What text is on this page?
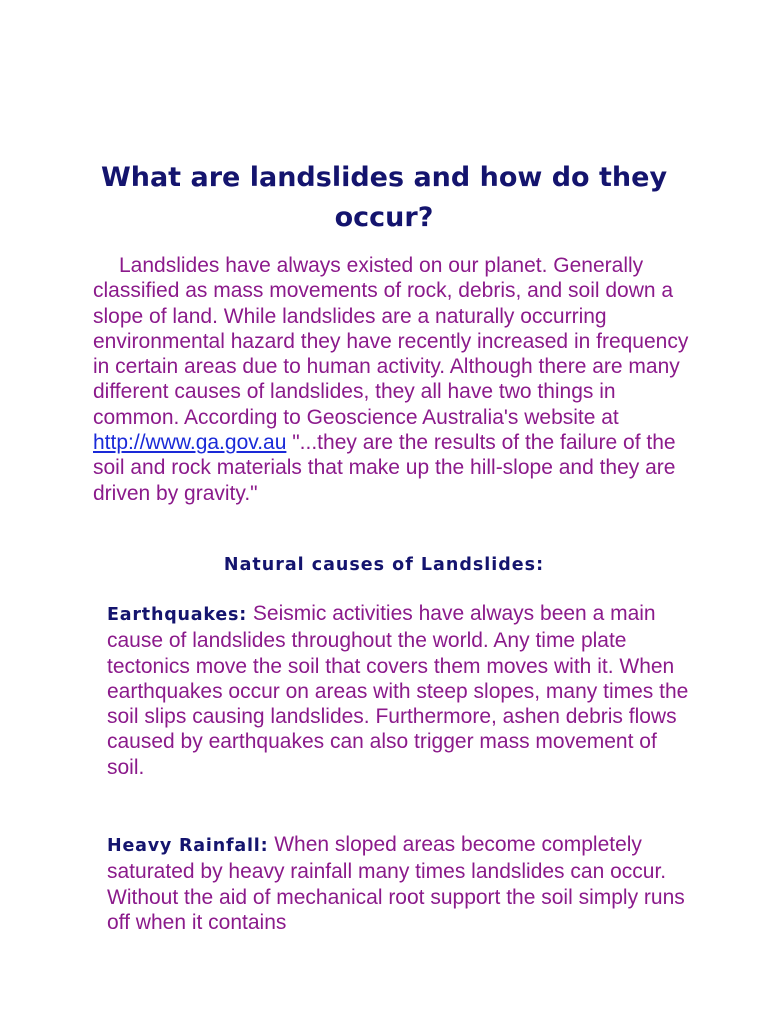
What are landslides and how do they occur?

Landslides have always existed on our planet. Generally classified as mass movements of rock, debris, and soil down a slope of land. While landslides are a naturally occurring environmental hazard they have recently increased in frequency in certain areas due to human activity. Although there are many different causes of landslides, they all have two things in common. According to Geoscience Australia's website at http://www.ga.gov.au "...they are the results of the failure of the soil and rock materials that make up the hill-slope and they are driven by gravity."

Natural causes of Landslides:

Earthquakes: Seismic activities have always been a main cause of landslides throughout the world. Any time plate tectonics move the soil that covers them moves with it. When earthquakes occur on areas with steep slopes, many times the soil slips causing landslides. Furthermore, ashen debris flows caused by earthquakes can also trigger mass movement of soil.

Heavy Rainfall: When sloped areas become completely saturated by heavy rainfall many times landslides can occur. Without the aid of mechanical root support the soil simply runs off when it contains
